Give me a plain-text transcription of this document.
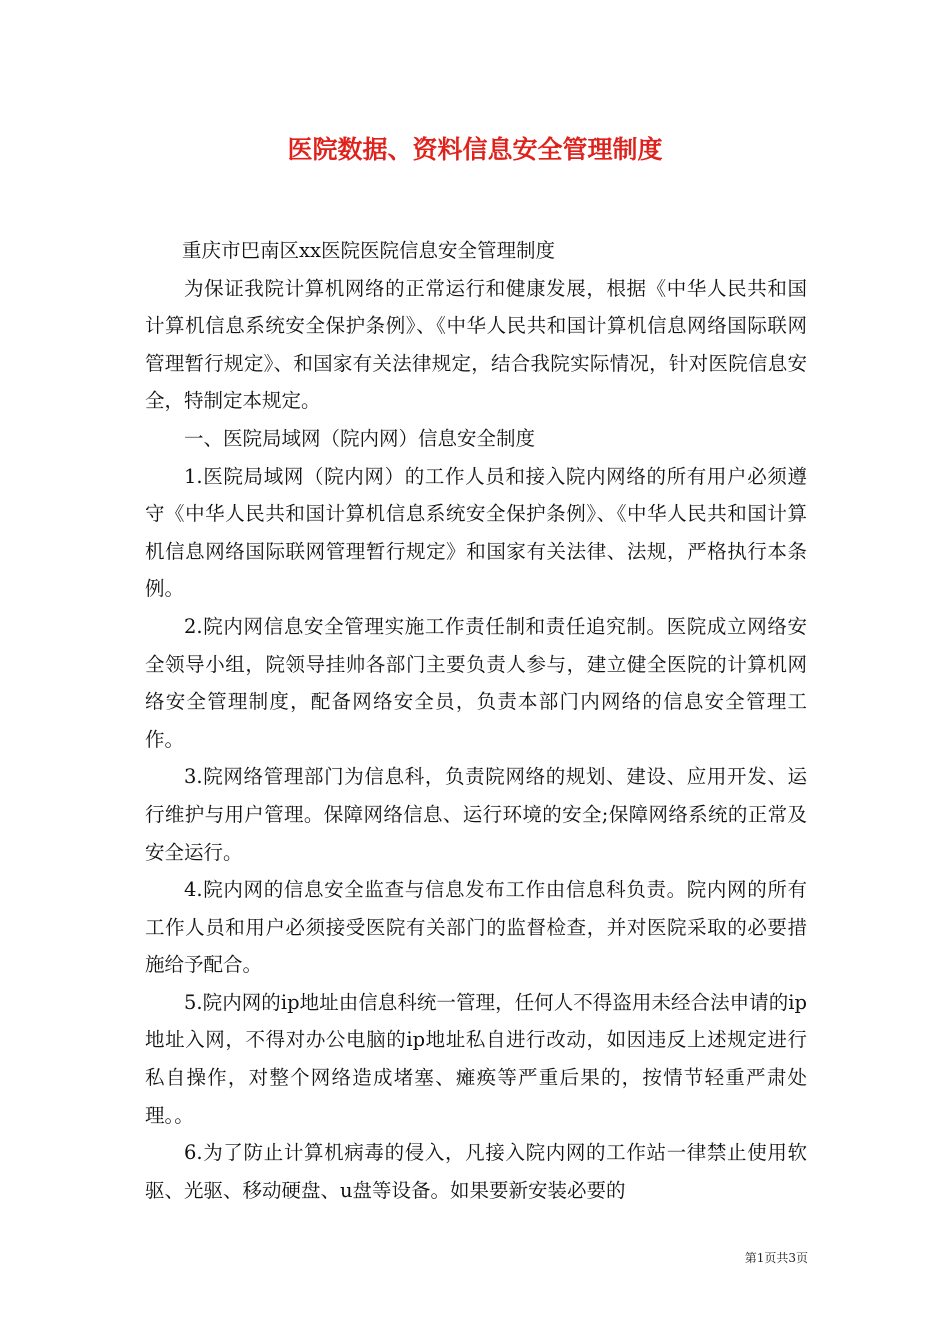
医院数据、资料信息安全管理制度

重庆市巴南区xx医院医院信息安全管理制度

为保证我院计算机网络的正常运行和健康发展，根据《中华人民共和国计算机信息系统安全保护条例》、《中华人民共和国计算机信息网络国际联网管理暂行规定》、和国家有关法律规定，结合我院实际情况，针对医院信息安全，特制定本规定。

一、医院局域网（院内网）信息安全制度

1.医院局域网（院内网）的工作人员和接入院内网络的所有用户必须遵守《中华人民共和国计算机信息系统安全保护条例》、《中华人民共和国计算机信息网络国际联网管理暂行规定》和国家有关法律、法规，严格执行本条例。

2.院内网信息安全管理实施工作责任制和责任追究制。医院成立网络安全领导小组，院领导挂帅各部门主要负责人参与，建立健全医院的计算机网络安全管理制度，配备网络安全员，负责本部门内网络的信息安全管理工作。

3.院网络管理部门为信息科，负责院网络的规划、建设、应用开发、运行维护与用户管理。保障网络信息、运行环境的安全;保障网络系统的正常及安全运行。

4.院内网的信息安全监查与信息发布工作由信息科负责。院内网的所有工作人员和用户必须接受医院有关部门的监督检查，并对医院采取的必要措施给予配合。

5.院内网的ip地址由信息科统一管理，任何人不得盗用未经合法申请的ip地址入网，不得对办公电脑的ip地址私自进行改动，如因违反上述规定进行私自操作，对整个网络造成堵塞、瘫痪等严重后果的，按情节轻重严肃处理。。

6.为了防止计算机病毒的侵入，凡接入院内网的工作站一律禁止使用软驱、光驱、移动硬盘、u盘等设备。如果要新安装必要的

第1页共3页
